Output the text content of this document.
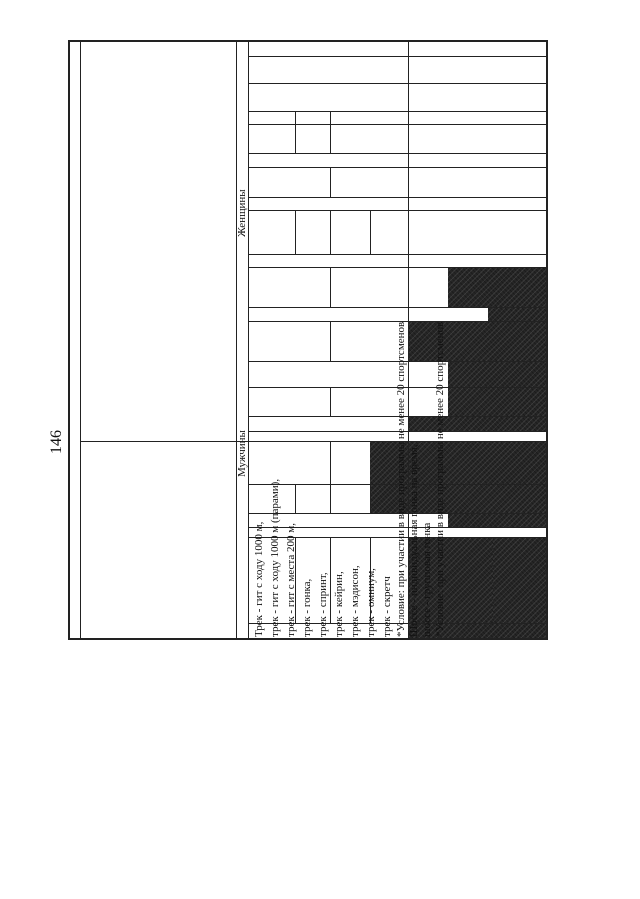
146	Мужчины
Женщины
Трек - гит с ходу 1000 м, трек - гит с ходу 1000 м (парами), трек - гит с места 200 м, трек - гонка, трек - спринт, трек - кейрин, трек - мэдисон, трек - омниум, трек - скретч *Условие: при участии в виде программы не менее 20 спортсменов Шоссе - индивидуальная гонка на время, шоссе - групповая гонка *Условие: при участии в виде программы не менее 20 спортсменов
